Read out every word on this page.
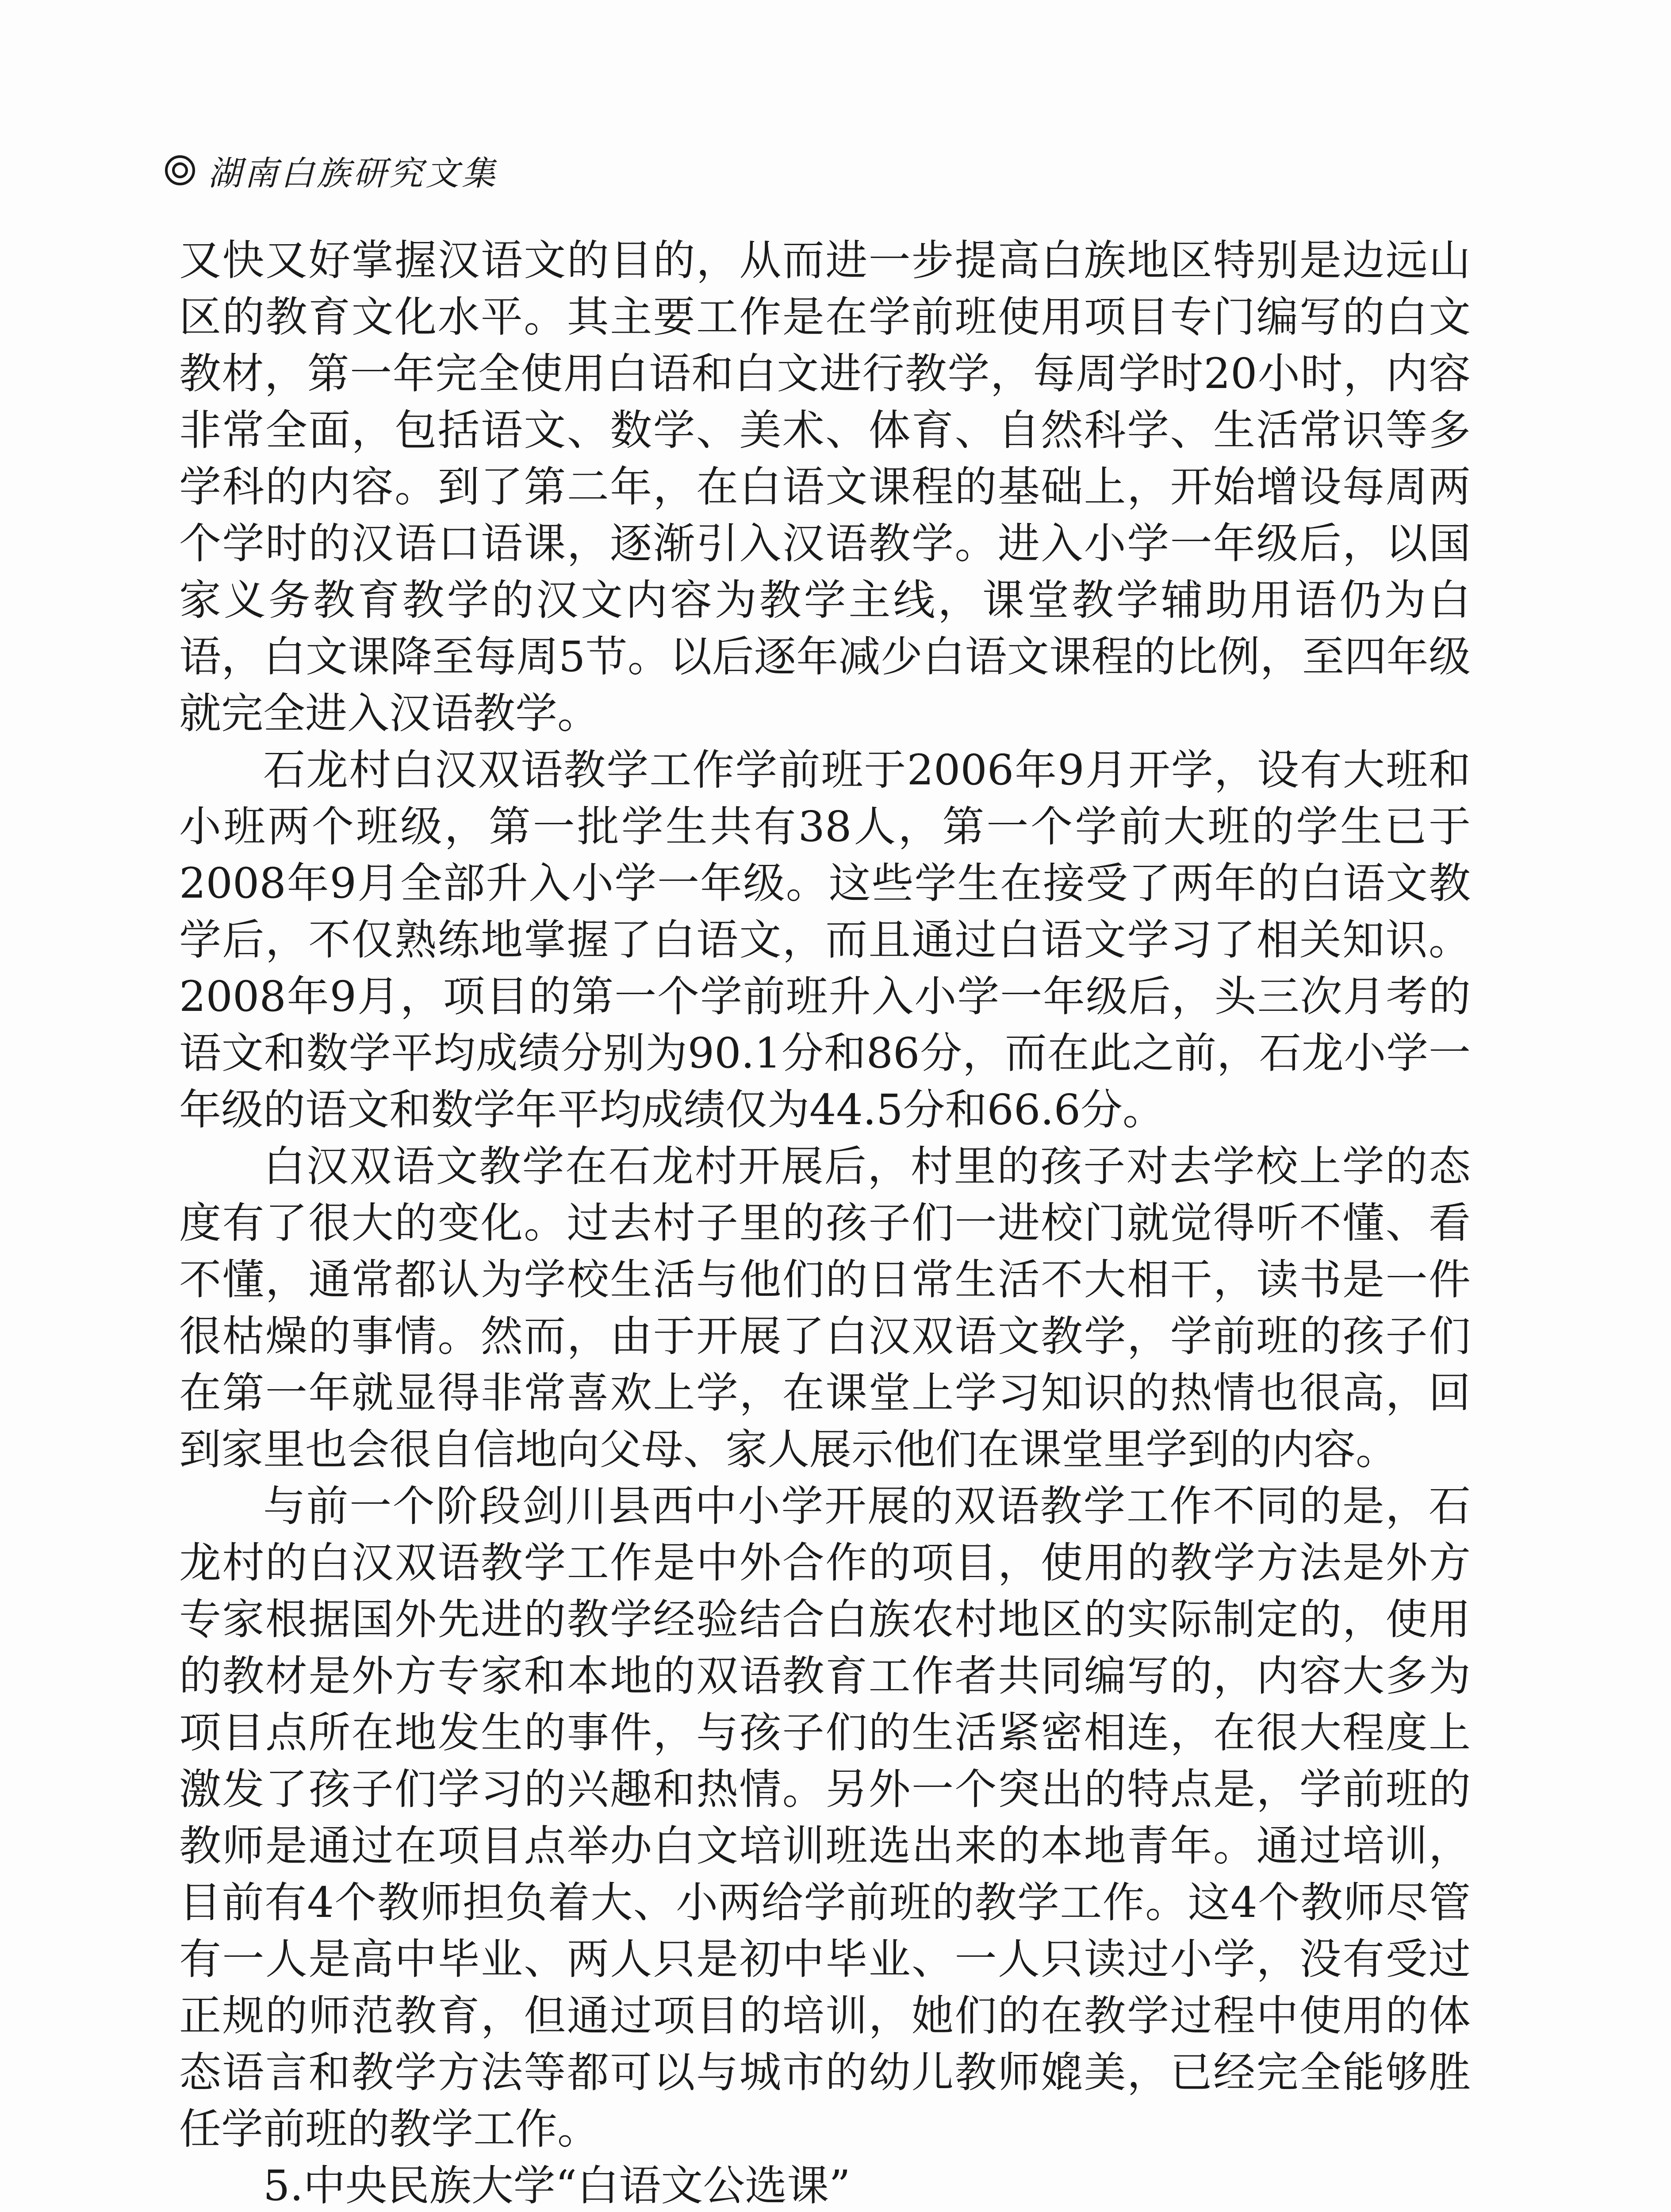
湖南白族研究文集

又快又好掌握汉语文的目的，从而进一步提高白族地区特别是边远山区的教育文化水平。其主要工作是在学前班使用项目专门编写的白文教材，第一年完全使用白语和白文进行教学，每周学时20小时，内容非常全面，包括语文、数学、美术、体育、自然科学、生活常识等多学科的内容。到了第二年，在白语文课程的基础上，开始增设每周两个学时的汉语口语课，逐渐引入汉语教学。进入小学一年级后，以国家义务教育教学的汉文内容为教学主线，课堂教学辅助用语仍为白语，白文课降至每周5节。以后逐年减少白语文课程的比例，至四年级就完全进入汉语教学。

石龙村白汉双语教学工作学前班于2006年9月开学，设有大班和小班两个班级，第一批学生共有38人，第一个学前大班的学生已于2008年9月全部升入小学一年级。这些学生在接受了两年的白语文教学后，不仅熟练地掌握了白语文，而且通过白语文学习了相关知识。2008年9月，项目的第一个学前班升入小学一年级后，头三次月考的语文和数学平均成绩分别为90.1分和86分，而在此之前，石龙小学一年级的语文和数学年平均成绩仅为44.5分和66.6分。

白汉双语文教学在石龙村开展后，村里的孩子对去学校上学的态度有了很大的变化。过去村子里的孩子们一进校门就觉得听不懂、看不懂，通常都认为学校生活与他们的日常生活不大相干，读书是一件很枯燥的事情。然而，由于开展了白汉双语文教学，学前班的孩子们在第一年就显得非常喜欢上学，在课堂上学习知识的热情也很高，回到家里也会很自信地向父母、家人展示他们在课堂里学到的内容。

与前一个阶段剑川县西中小学开展的双语教学工作不同的是，石龙村的白汉双语教学工作是中外合作的项目，使用的教学方法是外方专家根据国外先进的教学经验结合白族农村地区的实际制定的，使用的教材是外方专家和本地的双语教育工作者共同编写的，内容大多为项目点所在地发生的事件，与孩子们的生活紧密相连，在很大程度上激发了孩子们学习的兴趣和热情。另外一个突出的特点是，学前班的教师是通过在项目点举办白文培训班选出来的本地青年。通过培训，目前有4个教师担负着大、小两给学前班的教学工作。这4个教师尽管有一人是高中毕业、两人只是初中毕业、一人只读过小学，没有受过正规的师范教育，但通过项目的培训，她们的在教学过程中使用的体态语言和教学方法等都可以与城市的幼儿教师媲美，已经完全能够胜任学前班的教学工作。

5.中央民族大学“白语文公选课”
